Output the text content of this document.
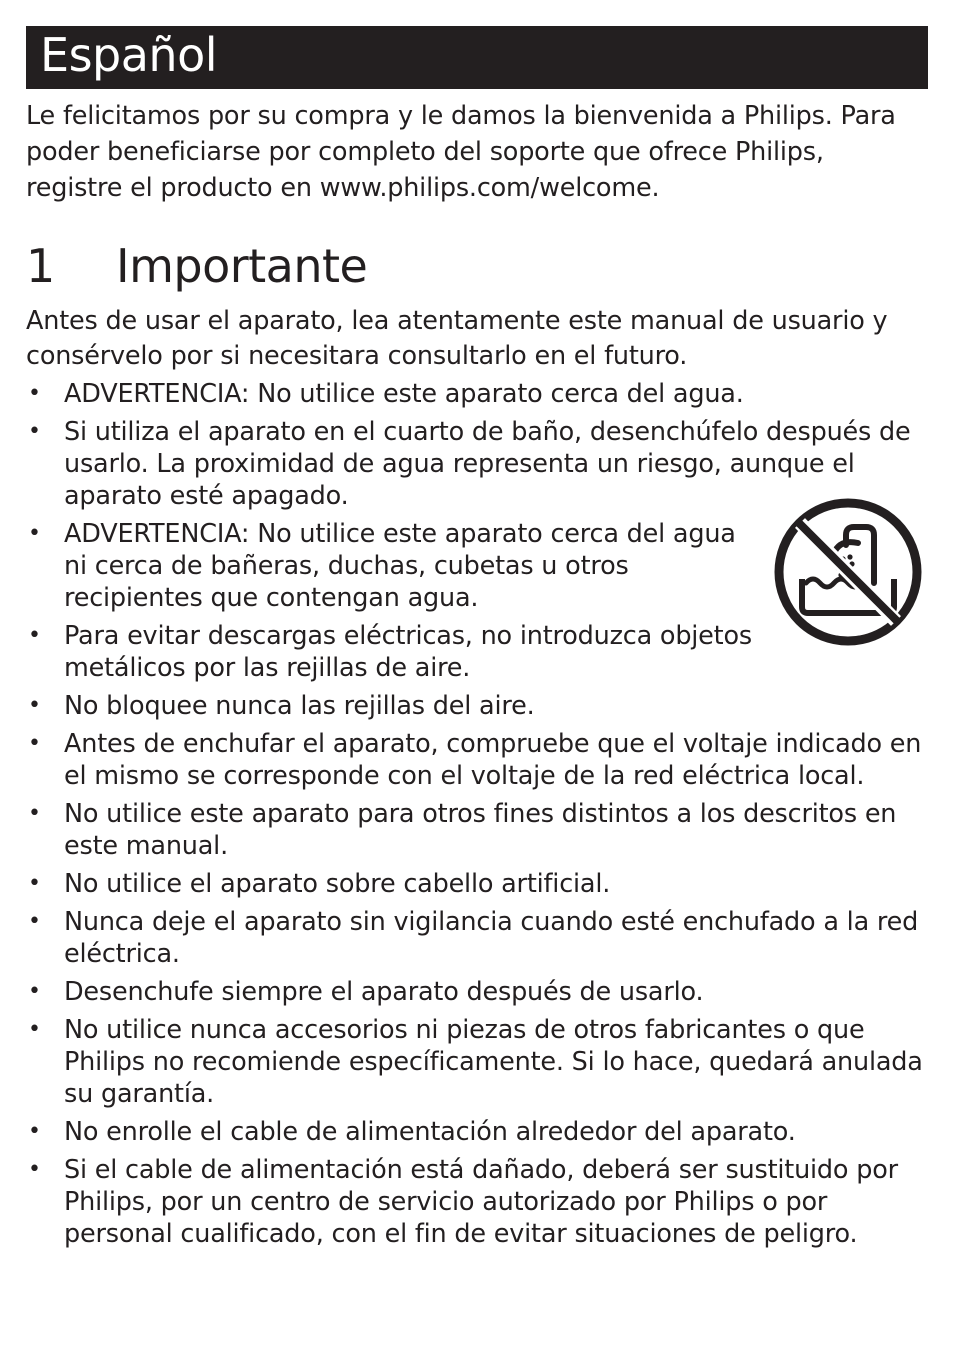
Español

Le felicitamos por su compra y le damos la bienvenida a Philips. Para poder beneficiarse por completo del soporte que ofrece Philips, registre el producto en www.philips.com/welcome.

1 Importante

Antes de usar el aparato, lea atentamente este manual de usuario y consérvelo por si necesitara consultarlo en el futuro.

• ADVERTENCIA: No utilice este aparato cerca del agua.
• Si utiliza el aparato en el cuarto de baño, desenchúfelo después de usarlo. La proximidad de agua representa un riesgo, aunque el aparato esté apagado.
• ADVERTENCIA: No utilice este aparato cerca del agua ni cerca de bañeras, duchas, cubetas u otros recipientes que contengan agua.
• Para evitar descargas eléctricas, no introduzca objetos metálicos por las rejillas de aire.
• No bloquee nunca las rejillas del aire.
• Antes de enchufar el aparato, compruebe que el voltaje indicado en el mismo se corresponde con el voltaje de la red eléctrica local.
• No utilice este aparato para otros fines distintos a los descritos en este manual.
• No utilice el aparato sobre cabello artificial.
• Nunca deje el aparato sin vigilancia cuando esté enchufado a la red eléctrica.
• Desenchufe siempre el aparato después de usarlo.
• No utilice nunca accesorios ni piezas de otros fabricantes o que Philips no recomiende específicamente. Si lo hace, quedará anulada su garantía.
• No enrolle el cable de alimentación alrededor del aparato.
• Si el cable de alimentación está dañado, deberá ser sustituido por Philips, por un centro de servicio autorizado por Philips o por personal cualificado, con el fin de evitar situaciones de peligro.
